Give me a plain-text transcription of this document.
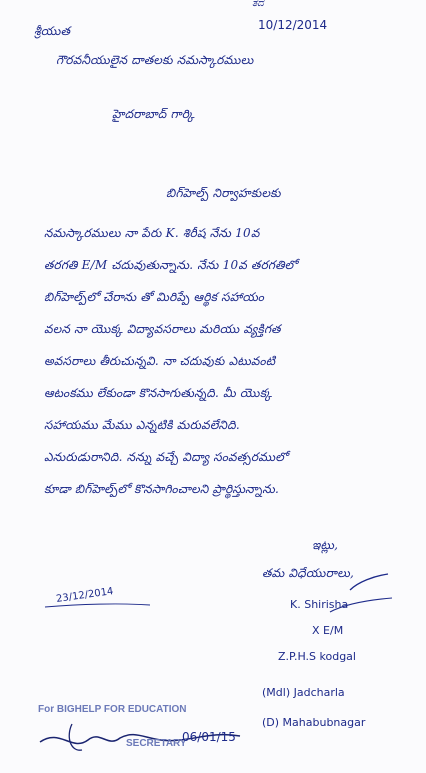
ತದ
శ్రీయుత	10/12/2014
గౌరవనీయులైన దాతలకు నమస్కారములు
హైదరాబాద్ గార్కి
బిగ్‌హెల్ప్ నిర్వాహకులకు
నమస్కారములు నా పేరు K. శిరీష నేను 10వ
తరగతి E/M చదువుతున్నాను. నేను 10వ తరగతిలో
బిగ్‌హెల్ప్‌లో చేరాను తో మిరిప్పే ఆర్థిక సహాయం
వలన నా యొక్క విద్యావసరాలు మరియు వ్యక్తిగత
అవసరాలు తీరుచున్నవి. నా చదువుకు ఎటువంటి
ఆటంకము లేకుండా కొనసాగుతున్నది. మీ యొక్క
సహాయము మేము ఎన్నటికి మరువలేనిది.
ఎనురుడురానిది. నన్ను వచ్చే విద్యా సంవత్సరములో
కూడా బిగ్‌హెల్ప్‌లో కొనసాగించాలని ప్రార్థిస్తున్నాను.
ఇట్లు,
తమ విధేయురాలు,
K. Shirisha
X E/M
Z.P.H.S kodgal
(Mdl) Jadcharla
(D) Mahabubnagar
23/12/2014
For BIGHELP FOR EDUCATION
SECRETARY
06/01/15
